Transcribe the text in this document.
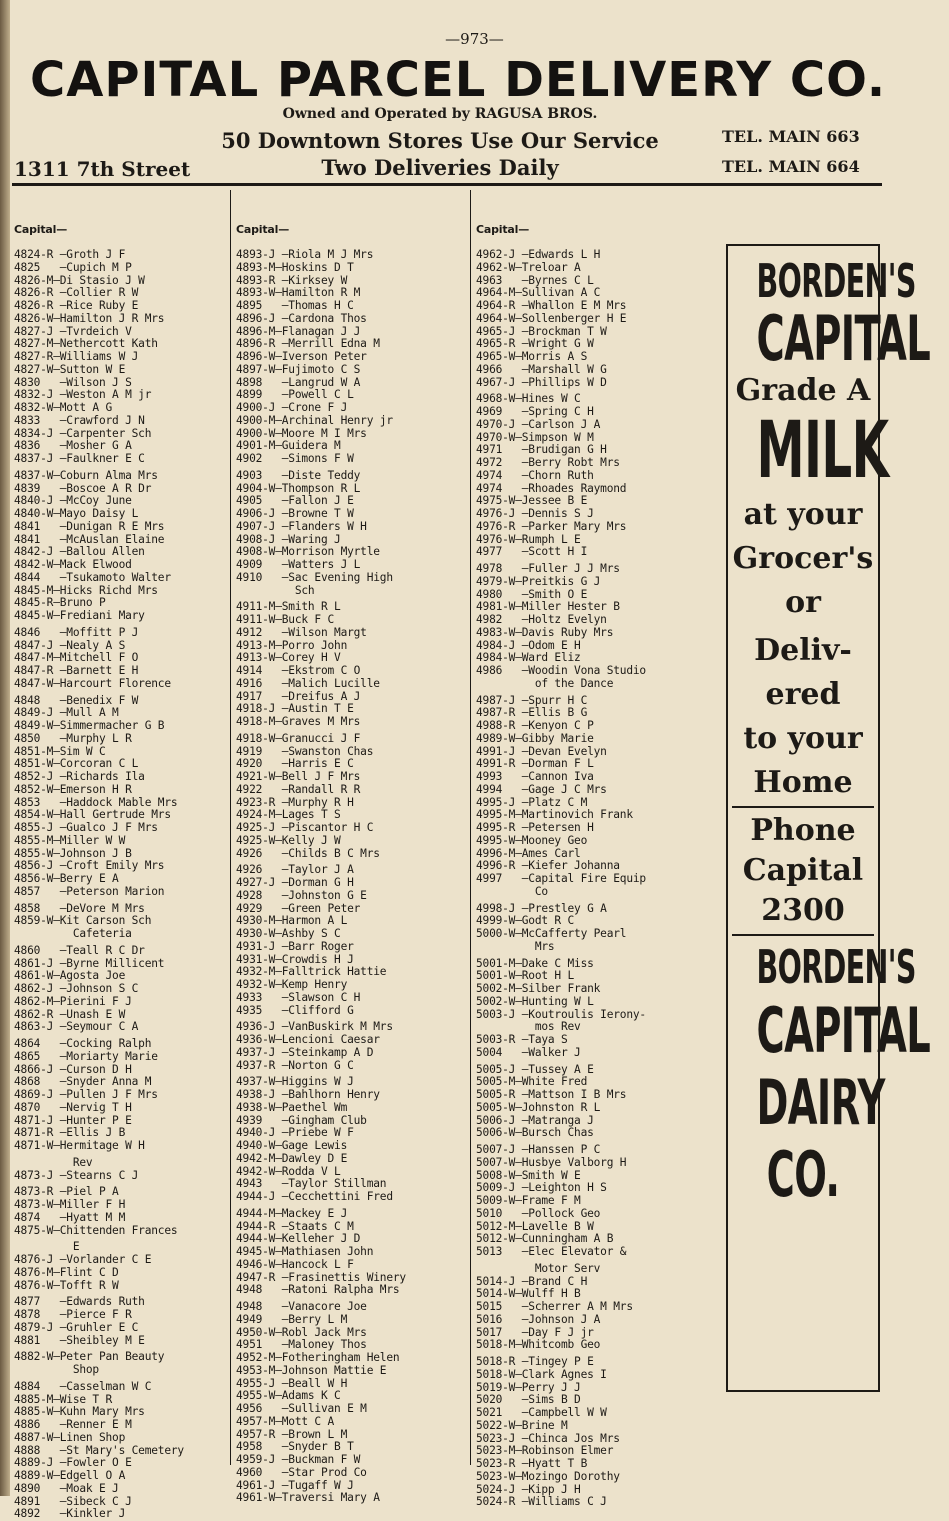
—973—
CAPITAL PARCEL DELIVERY CO.
Owned and Operated by RAGUSA BROS.
50 Downtown Stores Use Our Service
Two Deliveries Daily
1311 7th Street
TEL. MAIN 663
TEL. MAIN 664

Capital—

4824-R —Groth J F
4825   —Cupich M P
4826-M—Di Stasio J W
4826-R —Collier R W
4826-R —Rice Ruby E
4826-W—Hamilton J R Mrs
4827-J —Tvrdeich V
4827-M—Nethercott Kath
4827-R—Williams W J
4827-W—Sutton W E
4830   —Wilson J S
4832-J —Weston A M jr
4832-W—Mott A G
4833   —Crawford J N
4834-J —Carpenter Sch
4836   —Mosher G A
4837-J —Faulkner E C
4837-W—Coburn Alma Mrs
4839   —Boscoe A R Dr
4840-J —McCoy June
4840-W—Mayo Daisy L
4841   —Dunigan R E Mrs
4841   —McAuslan Elaine
4842-J —Ballou Allen
4842-W—Mack Elwood
4844   —Tsukamoto Walter
4845-M—Hicks Richd Mrs
4845-R—Bruno P
4845-W—Frediani Mary
4846   —Moffitt P J
4847-J —Nealy A S
4847-M—Mitchell F O
4847-R —Barnett E H
4847-W—Harcourt Florence
4848   —Benedix F W
4849-J —Mull A M
4849-W—Simmermacher G B
4850   —Murphy L R
4851-M—Sim W C
4851-W—Corcoran C L
4852-J —Richards Ila
4852-W—Emerson H R
4853   —Haddock Mable Mrs
4854-W—Hall Gertrude Mrs
4855-J —Gualco J F Mrs
4855-M—Miller W W
4855-W—Johnson J B
4856-J —Croft Emily Mrs
4856-W—Berry E A
4857   —Peterson Marion
4858   —DeVore M Mrs
4859-W—Kit Carson Sch
Cafeteria
4860   —Teall R C Dr
4861-J —Byrne Millicent
4861-W—Agosta Joe
4862-J —Johnson S C
4862-M—Pierini F J
4862-R —Unash E W
4863-J —Seymour C A
4864   —Cocking Ralph
4865   —Moriarty Marie
4866-J —Curson D H
4868   —Snyder Anna M
4869-J —Pullen J F Mrs
4870   —Nervig T H
4871-J —Hunter P E
4871-R —Ellis J B
4871-W—Hermitage W H
Rev
4873-J —Stearns C J
4873-R —Piel P A
4873-W—Miller F H
4874   —Hyatt M M
4875-W—Chittenden Frances
E
4876-J —Vorlander C E
4876-M—Flint C D
4876-W—Tofft R W
4877   —Edwards Ruth
4878   —Pierce F R
4879-J —Gruhler E C
4881   —Sheibley M E
4882-W—Peter Pan Beauty
Shop
4884   —Casselman W C
4885-M—Wise T R
4885-W—Kuhn Mary Mrs
4886   —Renner E M
4887-W—Linen Shop
4888   —St Mary's Cemetery
4889-J —Fowler O E
4889-W—Edgell O A
4890   —Moak E J
4891   —Sibeck C J
4892   —Kinkler J

Capital—

4893-J —Riola M J Mrs
4893-M—Hoskins D T
4893-R —Kirksey W
4893-W—Hamilton R M
4895   —Thomas H C
4896-J —Cardona Thos
4896-M—Flanagan J J
4896-R —Merrill Edna M
4896-W—Iverson Peter
4897-W—Fujimoto C S
4898   —Langrud W A
4899   —Powell C L
4900-J —Crone F J
4900-M—Archinal Henry jr
4900-W—Moore M I Mrs
4901-M—Guidera M
4902   —Simons F W
4903   —Diste Teddy
4904-W—Thompson R L
4905   —Fallon J E
4906-J —Browne T W
4907-J —Flanders W H
4908-J —Waring J
4908-W—Morrison Myrtle
4909   —Watters J L
4910   —Sac Evening High
Sch
4911-M—Smith R L
4911-W—Buck F C
4912   —Wilson Margt
4913-M—Porro John
4913-W—Corey H V
4914   —Ekstrom C O
4916   —Malich Lucille
4917   —Dreifus A J
4918-J —Austin T E
4918-M—Graves M Mrs
4918-W—Granucci J F
4919   —Swanston Chas
4920   —Harris E C
4921-W—Bell J F Mrs
4922   —Randall R R
4923-R —Murphy R H
4924-M—Lages T S
4925-J —Piscantor H C
4925-W—Kelly J W
4926   —Childs B C Mrs
4926   —Taylor J A
4927-J —Dorman G H
4928   —Johnston G E
4929   —Green Peter
4930-M—Harmon A L
4930-W—Ashby S C
4931-J —Barr Roger
4931-W—Crowdis H J
4932-M—Falltrick Hattie
4932-W—Kemp Henry
4933   —Slawson C H
4935   —Clifford G
4936-J —VanBuskirk M Mrs
4936-W—Lencioni Caesar
4937-J —Steinkamp A D
4937-R —Norton G C
4937-W—Higgins W J
4938-J —Bahlhorn Henry
4938-W—Paethel Wm
4939   —Gingham Club
4940-J —Priebe W F
4940-W—Gage Lewis
4942-M—Dawley D E
4942-W—Rodda V L
4943   —Taylor Stillman
4944-J —Cecchettini Fred
4944-M—Mackey E J
4944-R —Staats C M
4944-W—Kelleher J D
4945-W—Mathiasen John
4946-W—Hancock L F
4947-R —Frasinettis Winery
4948   —Ratoni Ralpha Mrs
4948   —Vanacore Joe
4949   —Berry L M
4950-W—Robl Jack Mrs
4951   —Maloney Thos
4952-M—Fotheringham Helen
4953-M—Johnson Mattie E
4955-J —Beall W H
4955-W—Adams K C
4956   —Sullivan E M
4957-M—Mott C A
4957-R —Brown L M
4958   —Snyder B T
4959-J —Buckman F W
4960   —Star Prod Co
4961-J —Tugaff W J
4961-W—Traversi Mary A

Capital—

4962-J —Edwards L H
4962-W—Treloar A
4963   —Byrnes C L
4964-M—Sullivan A C
4964-R —Whallon E M Mrs
4964-W—Sollenberger H E
4965-J —Brockman T W
4965-R —Wright G W
4965-W—Morris A S
4966   —Marshall W G
4967-J —Phillips W D
4968-W—Hines W C
4969   —Spring C H
4970-J —Carlson J A
4970-W—Simpson W M
4971   —Brudigan G H
4972   —Berry Robt Mrs
4974   —Chorn Ruth
4974   —Rhoades Raymond
4975-W—Jessee B E
4976-J —Dennis S J
4976-R —Parker Mary Mrs
4976-W—Rumph L E
4977   —Scott H I
4978   —Fuller J J Mrs
4979-W—Preitkis G J
4980   —Smith O E
4981-W—Miller Hester B
4982   —Holtz Evelyn
4983-W—Davis Ruby Mrs
4984-J —Odom E H
4984-W—Ward Eliz
4986   —Woodin Vona Studio
of the Dance
4987-J —Spurr H C
4987-R —Ellis B G
4988-R —Kenyon C P
4989-W—Gibby Marie
4991-J —Devan Evelyn
4991-R —Dorman F L
4993   —Cannon Iva
4994   —Gage J C Mrs
4995-J —Platz C M
4995-M—Martinovich Frank
4995-R —Petersen H
4995-W—Mooney Geo
4996-M—Ames Carl
4996-R —Kiefer Johanna
4997   —Capital Fire Equip
Co
4998-J —Prestley G A
4999-W—Godt R C
5000-W—McCafferty Pearl
Mrs
5001-M—Dake C Miss
5001-W—Root H L
5002-M—Silber Frank
5002-W—Hunting W L
5003-J —Koutroulis Ierony-
mos Rev
5003-R —Taya S
5004   —Walker J
5005-J —Tussey A E
5005-M—White Fred
5005-R —Mattson I B Mrs
5005-W—Johnston R L
5006-J —Matranga J
5006-W—Bursch Chas
5007-J —Hanssen P C
5007-W—Husbye Valborg H
5008-W—Smith W E
5009-J —Leighton H S
5009-W—Frame F M
5010   —Pollock Geo
5012-M—Lavelle B W
5012-W—Cunningham A B
5013   —Elec Elevator &
Motor Serv
5014-J —Brand C H
5014-W—Wulff H B
5015   —Scherrer A M Mrs
5016   —Johnson J A
5017   —Day F J jr
5018-M—Whitcomb Geo
5018-R —Tingey P E
5018-W—Clark Agnes I
5019-W—Perry J J
5020   —Sims B D
5021   —Campbell W W
5022-W—Brine M
5023-J —Chinca Jos Mrs
5023-M—Robinson Elmer
5023-R —Hyatt T B
5023-W—Mozingo Dorothy
5024-J —Kipp J H
5024-R —Williams C J
BORDEN'S
CAPITAL
Grade A
MILK
at your
Grocer's
or
Deliv-
ered
to your
Home
Phone
Capital
2300
BORDEN'S
CAPITAL
DAIRY
CO.
